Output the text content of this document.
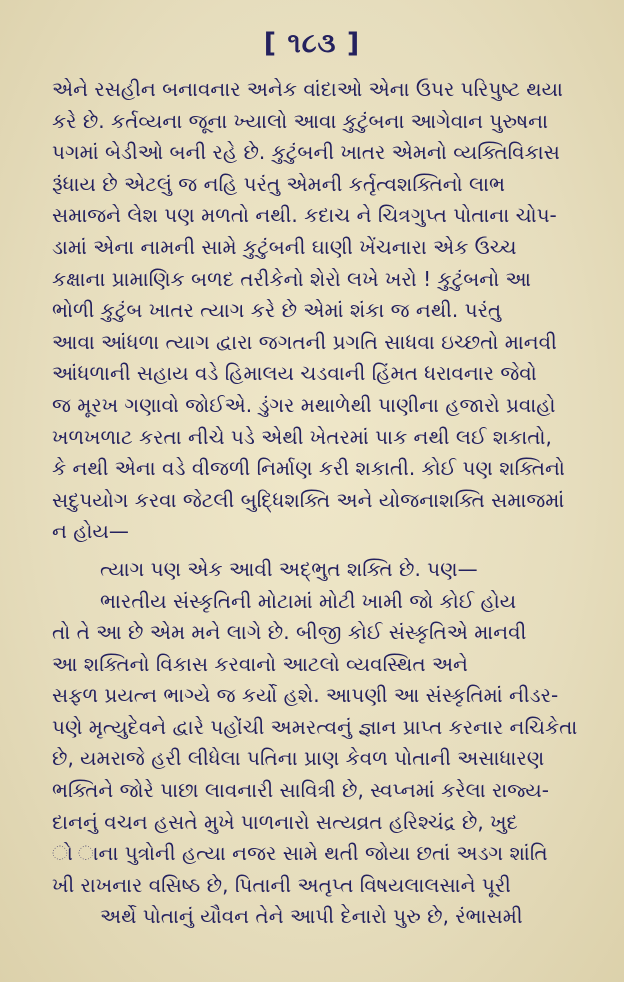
[ ૧૮૩ ]
એને રસહીન બનાવનાર અનેક વાંદાઓ એના ઉપર પરિપુષ્ટ થયા
કરે છે. કર્તવ્યના જૂના ખ્યાલો આવા કુટુંબના આગેવાન પુરુષના
પગમાં બેડીઓ બની રહે છે. કુટુંબની ખાતર એમનો વ્યક્તિવિકાસ
રૂંધાય છે એટલું જ નહિ પરંતુ એમની કર્તૃત્વશક્તિનો લાભ
સમાજને લેશ પણ મળતો નથી. કદાચ ને ચિત્રગુપ્ત પોતાના ચોપ-
ડામાં એના નામની સામે કુટુંબની ઘાણી ખેંચનારા એક ઉચ્ચ
કક્ષાના પ્રામાણિક બળદ તરીકેનો શેરો લખે ખરો ! કુટુંબનો આ
ભોળી કુટુંબ ખાતર ત્યાગ કરે છે એમાં શંકા જ નથી. પરંતુ
આવા આંધળા ત્યાગ દ્વારા જગતની પ્રગતિ સાધવા ઇચ્છતો માનવી
આંધળાની સહાય વડે હિમાલય ચડવાની હિંમત ધરાવનાર જેવો
જ મૂરખ ગણાવો જોઈએ. ડુંગર મથાળેથી પાણીના હજારો પ્રવાહો
ખળખળાટ કરતા નીચે પડે એથી ખેતરમાં પાક નથી લઈ શકાતો,
કે નથી એના વડે વીજળી નિર્માણ કરી શકાતી. કોઈ પણ શક્તિનો
સદુપયોગ કરવા જેટલી બુદ્ધિશક્તિ અને યોજનાશક્તિ સમાજમાં
ન હોય—
ત્યાગ પણ એક આવી અદ્ભુત શક્તિ છે. પણ—
ભારતીય સંસ્કૃતિની મોટામાં મોટી ખામી જો કોઈ હોય
તો તે આ છે એમ મને લાગે છે. બીજી કોઈ સંસ્કૃતિએ માનવી
આ શક્તિનો વિકાસ કરવાનો આટલો વ્યવસ્થિત અને
સફળ પ્રયત્ન ભાગ્યે જ કર્યો હશે. આપણી આ સંસ્કૃતિમાં નીડર-
પણે મૃત્યુદેવને દ્વારે પહોંચી અમરત્વનું જ્ઞાન પ્રાપ્ત કરનાર નચિકેતા
છે, યમરાજે હરી લીધેલા પતિના પ્રાણ કેવળ પોતાની અસાધારણ
ભક્તિને જોરે પાછા લાવનારી સાવિત્રી છે, સ્વપ્નમાં કરેલા રાજ્ય-
દાનનું વચન હસતે મુખે પાળનારો સત્યવ્રત હરિશ્ચંદ્ર છે, ખુદ
ો ાના પુત્રોની હત્યા નજર સામે થતી જોયા છતાં અડગ શાંતિ
ખી રાખનાર વસિષ્ઠ છે, પિતાની અતૃપ્ત વિષયલાલસાને પૂરી
અર્થે પોતાનું યૌવન તેને આપી દેનારો પુરુ છે, રંભાસમી
